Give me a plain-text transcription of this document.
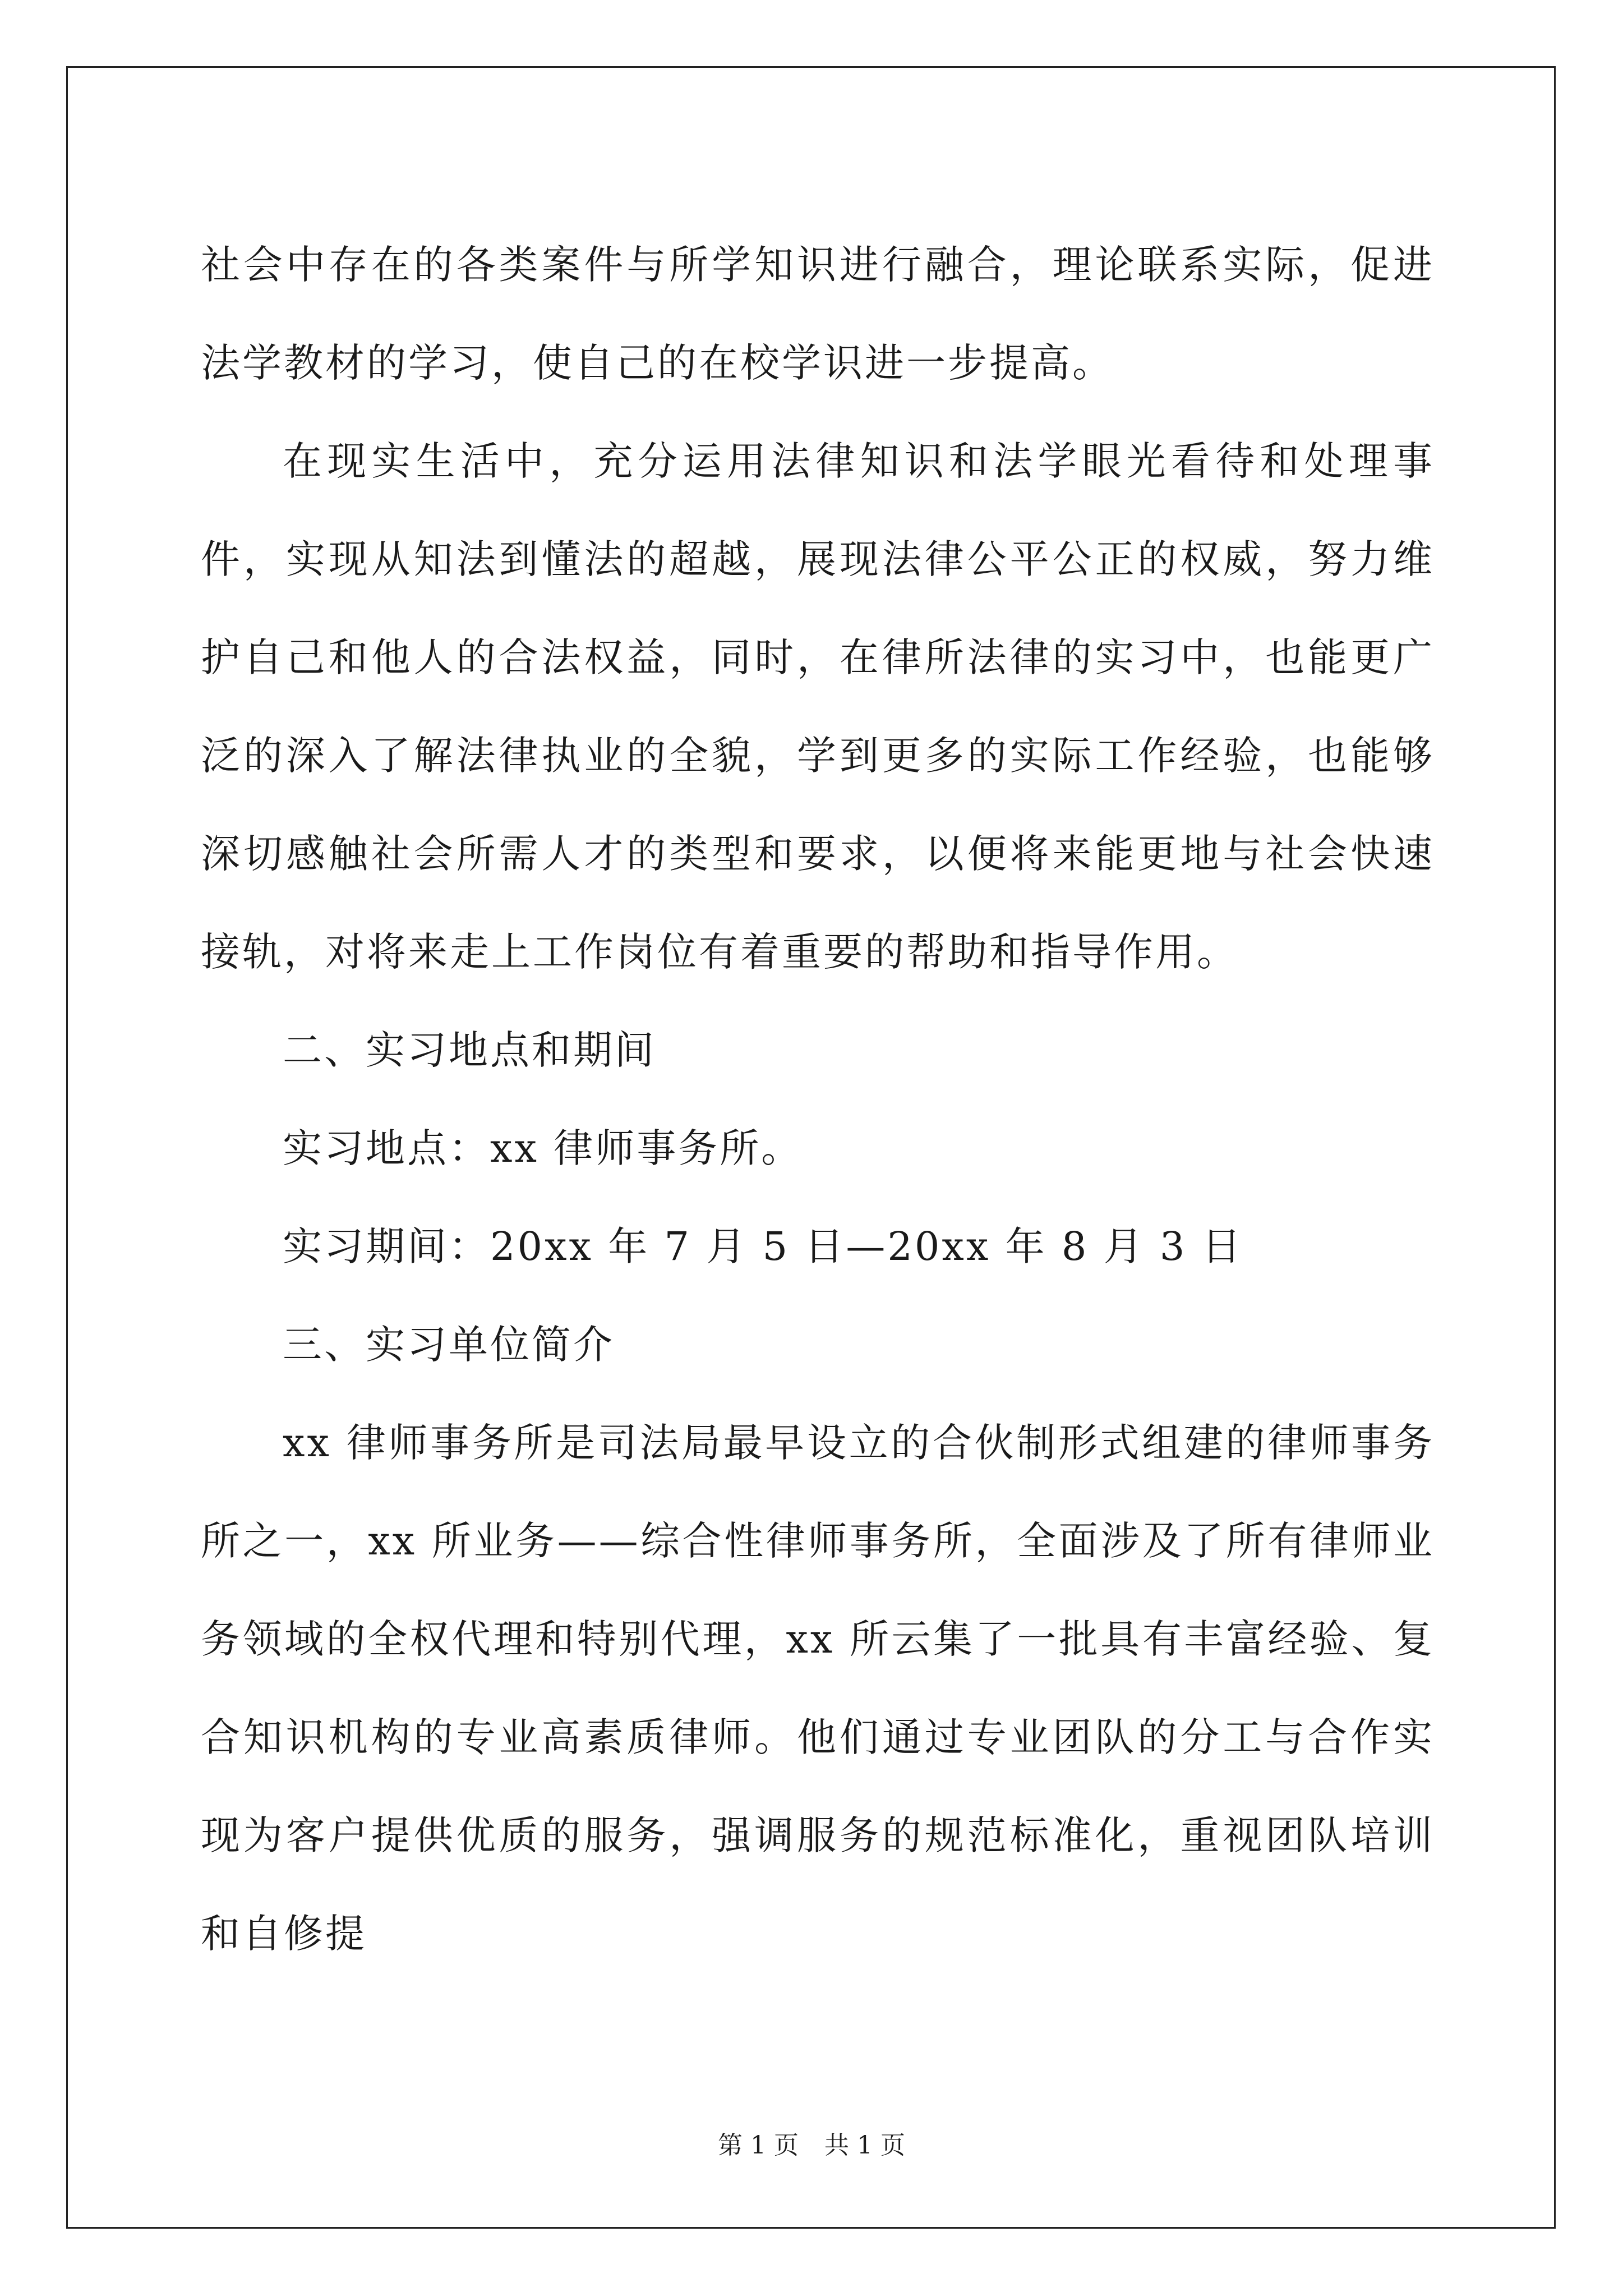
社会中存在的各类案件与所学知识进行融合，理论联系实际，促进法学教材的学习，使自己的在校学识进一步提高。

在现实生活中，充分运用法律知识和法学眼光看待和处理事件，实现从知法到懂法的超越，展现法律公平公正的权威，努力维护自己和他人的合法权益，同时，在律所法律的实习中，也能更广泛的深入了解法律执业的全貌，学到更多的实际工作经验，也能够深切感触社会所需人才的类型和要求，以便将来能更地与社会快速接轨，对将来走上工作岗位有着重要的帮助和指导作用。

二、实习地点和期间

实习地点：xx 律师事务所。

实习期间：20xx 年 7 月 5 日—20xx 年 8 月 3 日

三、实习单位简介

xx 律师事务所是司法局最早设立的合伙制形式组建的律师事务所之一，xx 所业务——综合性律师事务所，全面涉及了所有律师业务领域的全权代理和特别代理，xx 所云集了一批具有丰富经验、复合知识机构的专业高素质律师。他们通过专业团队的分工与合作实现为客户提供优质的服务，强调服务的规范标准化，重视团队培训和自修提

第 1 页 共 1 页
